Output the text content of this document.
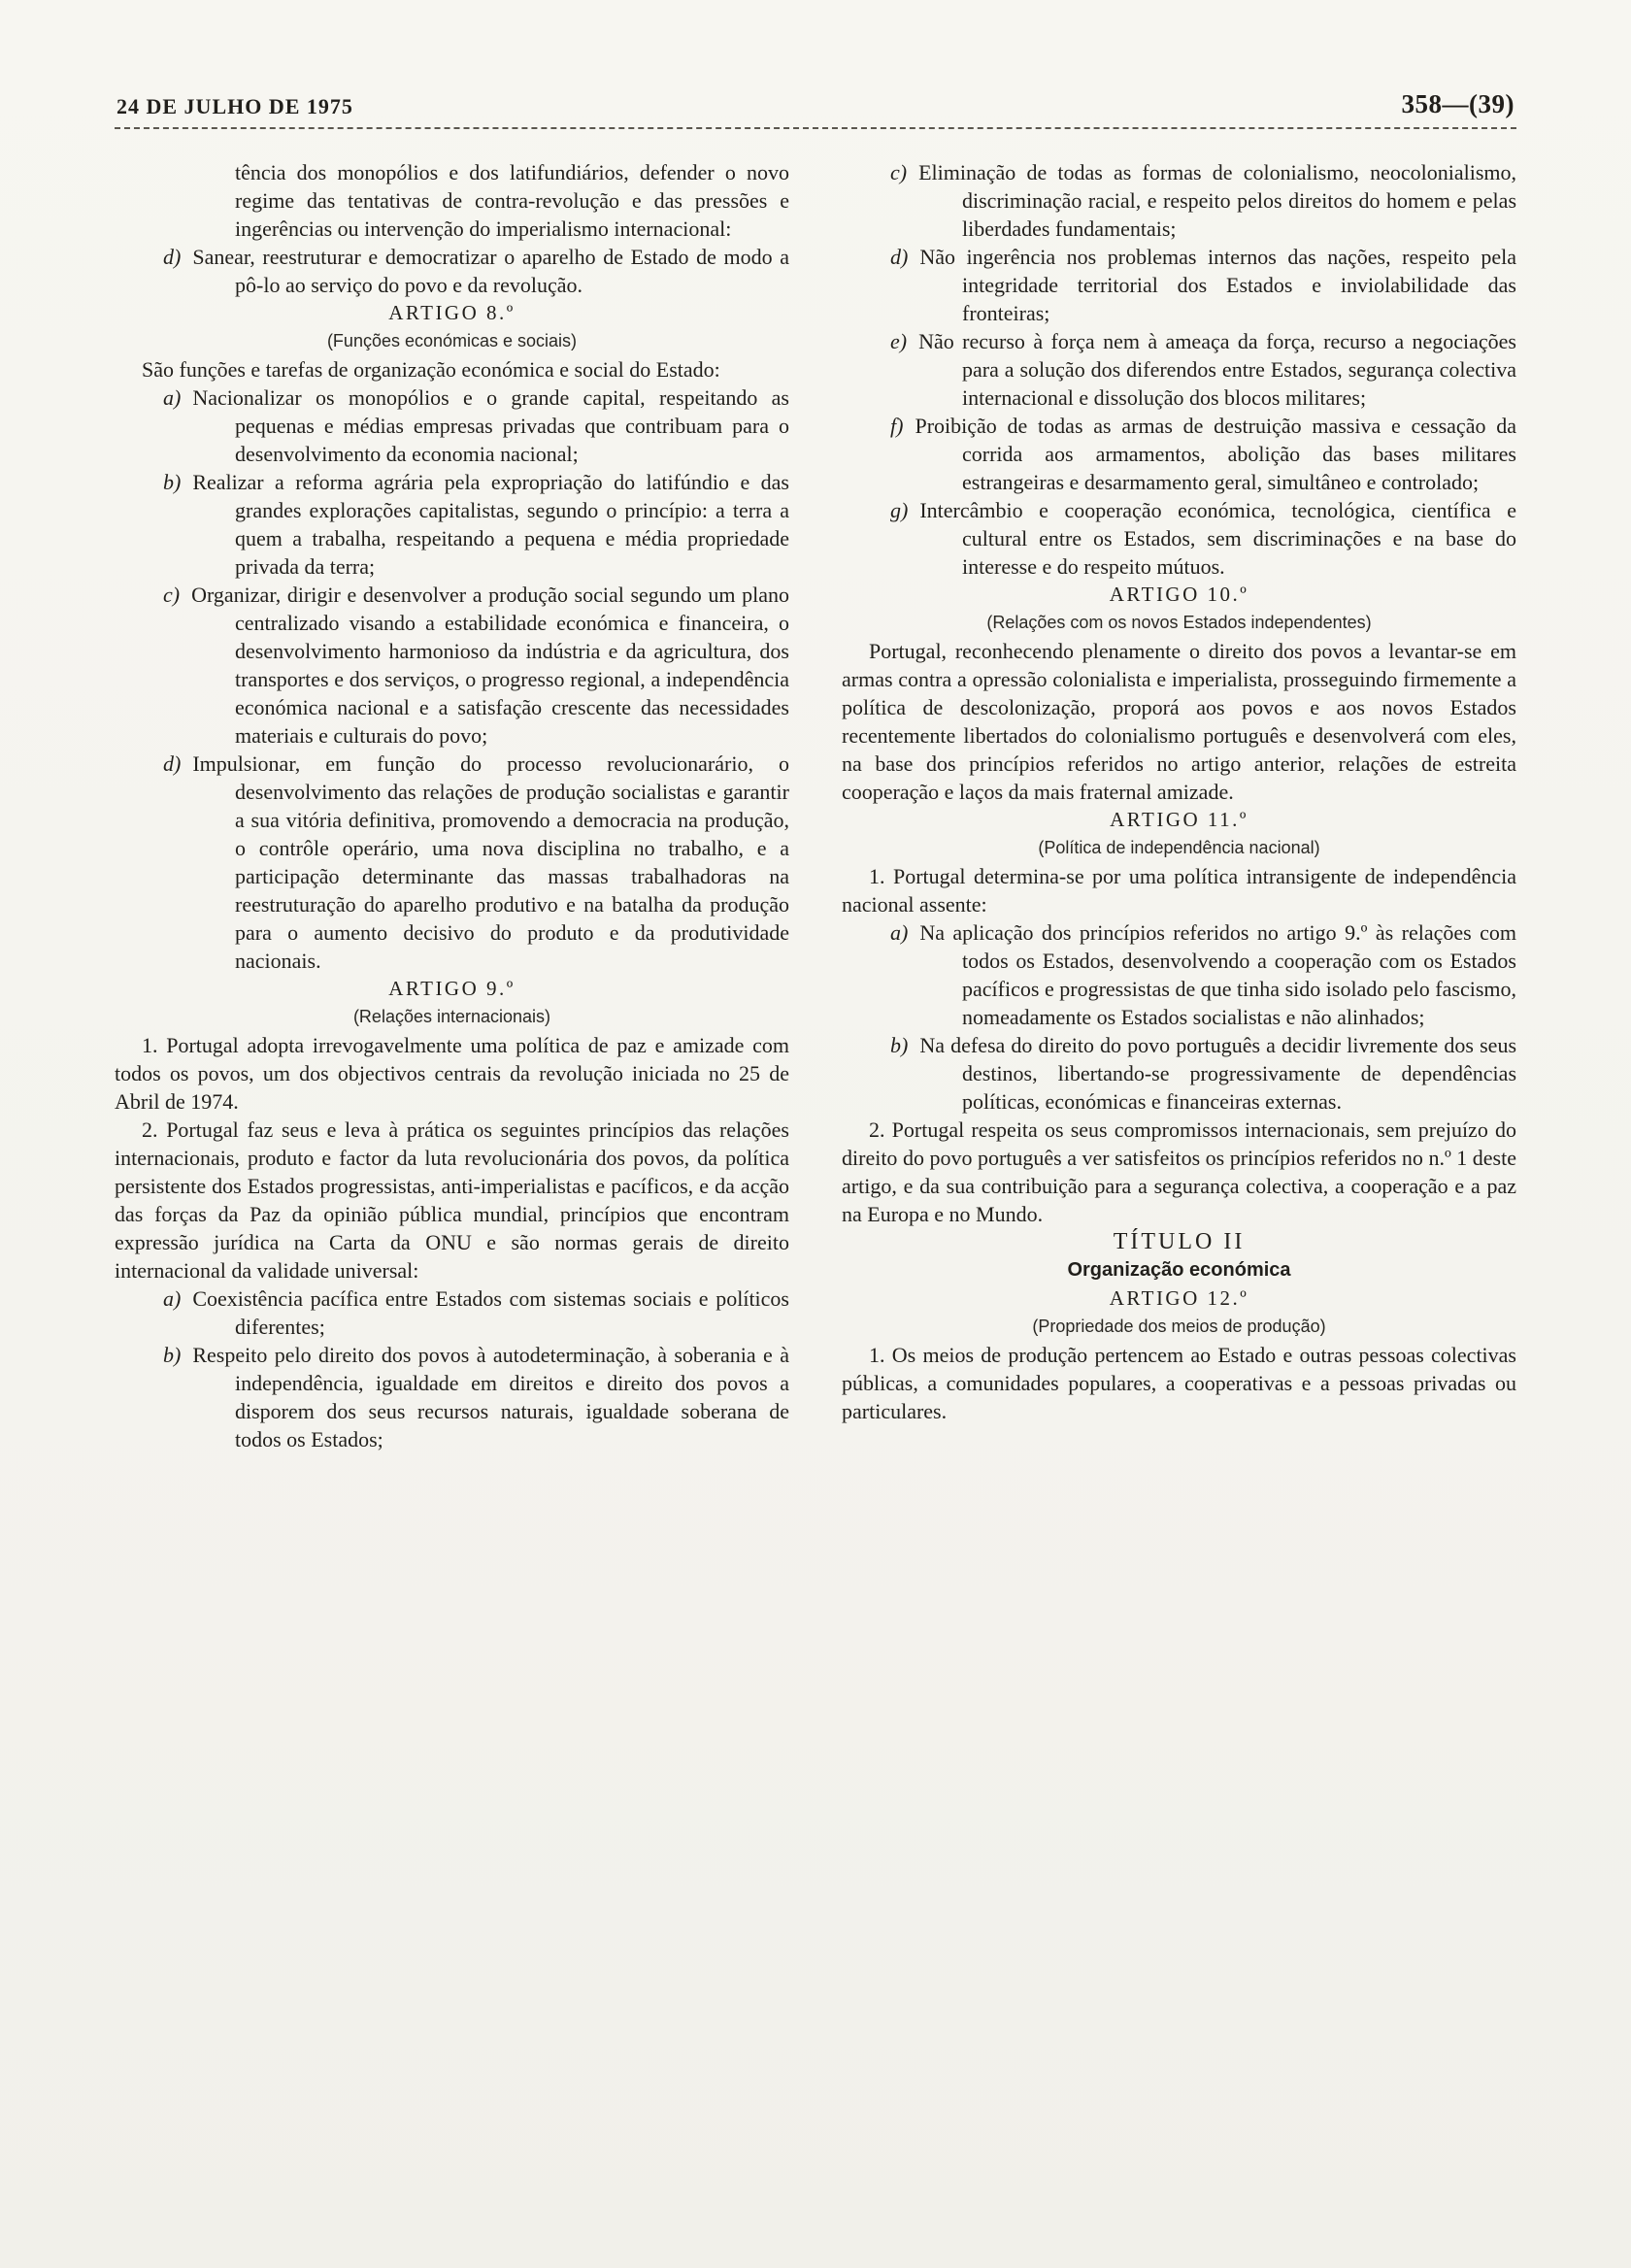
24 DE JULHO DE 1975	358—(39)

tência dos monopólios e dos latifundiários, defender o novo regime das tentativas de contra-revolução e das pressões e ingerências ou intervenção do imperialismo internacional:

d) Sanear, reestruturar e democratizar o aparelho de Estado de modo a pô-lo ao serviço do povo e da revolução.

ARTIGO 8.º

(Funções económicas e sociais)

São funções e tarefas de organização económica e social do Estado:

a) Nacionalizar os monopólios e o grande capital, respeitando as pequenas e médias empresas privadas que contribuam para o desenvolvimento da economia nacional;

b) Realizar a reforma agrária pela expropriação do latifúndio e das grandes explorações capitalistas, segundo o princípio: a terra a quem a trabalha, respeitando a pequena e média propriedade privada da terra;

c) Organizar, dirigir e desenvolver a produção social segundo um plano centralizado visando a estabilidade económica e financeira, o desenvolvimento harmonioso da indústria e da agricultura, dos transportes e dos serviços, o progresso regional, a independência económica nacional e a satisfação crescente das necessidades materiais e culturais do povo;

d) Impulsionar, em função do processo revolucionarário, o desenvolvimento das relações de produção socialistas e garantir a sua vitória definitiva, promovendo a democracia na produção, o contrôle operário, uma nova disciplina no trabalho, e a participação determinante das massas trabalhadoras na reestruturação do aparelho produtivo e na batalha da produção para o aumento decisivo do produto e da produtividade nacionais.

ARTIGO 9.º

(Relações internacionais)

1. Portugal adopta irrevogavelmente uma política de paz e amizade com todos os povos, um dos objectivos centrais da revolução iniciada no 25 de Abril de 1974.

2. Portugal faz seus e leva à prática os seguintes princípios das relações internacionais, produto e factor da luta revolucionária dos povos, da política persistente dos Estados progressistas, anti-imperialistas e pacíficos, e da acção das forças da Paz da opinião pública mundial, princípios que encontram expressão jurídica na Carta da ONU e são normas gerais de direito internacional da validade universal:

a) Coexistência pacífica entre Estados com sistemas sociais e políticos diferentes;

b) Respeito pelo direito dos povos à autodeterminação, à soberania e à independência, igualdade em direitos e direito dos povos a disporem dos seus recursos naturais, igualdade soberana de todos os Estados;

c) Eliminação de todas as formas de colonialismo, neocolonialismo, discriminação racial, e respeito pelos direitos do homem e pelas liberdades fundamentais;

d) Não ingerência nos problemas internos das nações, respeito pela integridade territorial dos Estados e inviolabilidade das fronteiras;

e) Não recurso à força nem à ameaça da força, recurso a negociações para a solução dos diferendos entre Estados, segurança colectiva internacional e dissolução dos blocos militares;

f) Proibição de todas as armas de destruição massiva e cessação da corrida aos armamentos, abolição das bases militares estrangeiras e desarmamento geral, simultâneo e controlado;

g) Intercâmbio e cooperação económica, tecnológica, científica e cultural entre os Estados, sem discriminações e na base do interesse e do respeito mútuos.

ARTIGO 10.º

(Relações com os novos Estados independentes)

Portugal, reconhecendo plenamente o direito dos povos a levantar-se em armas contra a opressão colonialista e imperialista, prosseguindo firmemente a política de descolonização, proporá aos povos e aos novos Estados recentemente libertados do colonialismo português e desenvolverá com eles, na base dos princípios referidos no artigo anterior, relações de estreita cooperação e laços da mais fraternal amizade.

ARTIGO 11.º

(Política de independência nacional)

1. Portugal determina-se por uma política intransigente de independência nacional assente:

a) Na aplicação dos princípios referidos no artigo 9.º às relações com todos os Estados, desenvolvendo a cooperação com os Estados pacíficos e progressistas de que tinha sido isolado pelo fascismo, nomeadamente os Estados socialistas e não alinhados;

b) Na defesa do direito do povo português a decidir livremente dos seus destinos, libertando-se progressivamente de dependências políticas, económicas e financeiras externas.

2. Portugal respeita os seus compromissos internacionais, sem prejuízo do direito do povo português a ver satisfeitos os princípios referidos no n.º 1 deste artigo, e da sua contribuição para a segurança colectiva, a cooperação e a paz na Europa e no Mundo.

TÍTULO II
Organização económica
ARTIGO 12.º

(Propriedade dos meios de produção)

1. Os meios de produção pertencem ao Estado e outras pessoas colectivas públicas, a comunidades populares, a cooperativas e a pessoas privadas ou particulares.
